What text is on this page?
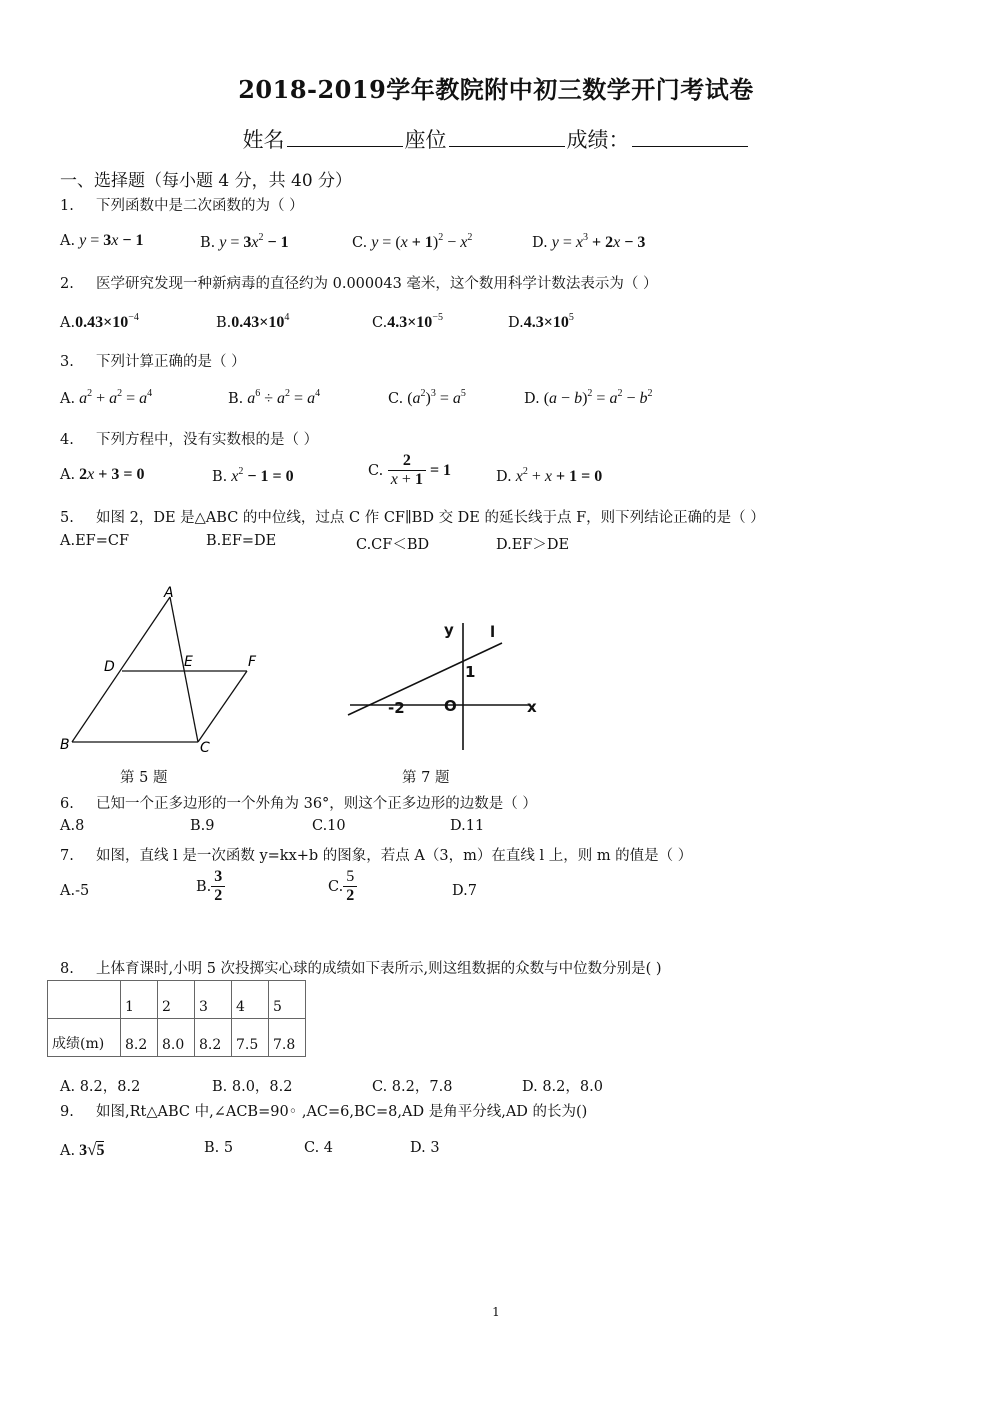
2018-2019学年教院附中初三数学开门考试卷
姓名	座位	成绩：
一、选择题（每小题 4 分，共 40 分）
1. 下列函数中是二次函数的为（ ）
A. y = 3x − 1	B. $y = 3x^2 - 1$	C. $y = (x + 1)^2 - x^2$	D. $y = x^3 + 2x - 3$
2. 医学研究发现一种新病毒的直径约为 0.000043 毫米，这个数用科学计数法表示为（ ）
$A.0.43\times 10^{-4}$	$B.0.43\times 10^4$	$C.4.3\times 10^{-5}$	$D.4.3\times 10^5$
3. 下列计算正确的是（ ）
A. $a^2 + a^2 = a^4$	B. $a^6 \div a^2 = a^4$	C. $(a^2)^3 = a^5$	D. $(a - b)^2 = a^2 - b^2$
4. 下列方程中，没有实数根的是（ ）
A. 2x + 3 = 0	B. $x^2 - 1 = 0$	C. $\frac{2}{x + 1} = 1$	D. $x^2 + x + 1 = 0$
5. 如图 2，DE 是△ABC 的中位线，过点 C 作 CF∥BD 交 DE 的延长线于点 F，则下列结论正确的是（ ）
A.EF=CF	B.EF=DE	C.CF＜BD	D.EF＞DE
A
B	C
D	E	F
第 5 题
y
x
l
O
1
-2
第 7 题
6. 已知一个正多边形的一个外角为 36°，则这个正多边形的边数是（ ）
A.8	B.9	C.10	D.11
7. 如图，直线 l 是一次函数 y=kx+b 的图象，若点 A（3，m）在直线 l 上，则 m 的值是（ ）
A.-5	B. $\frac{3}{2}$	C. $\frac{5}{2}$	D.7
8. 上体育课时,小明 5 次投掷实心球的成绩如下表所示,则这组数据的众数与中位数分别是( )
	1	2	3	4	5
成绩(m)	8.2	8.0	8.2	7.5	7.8
A. 8.2，8.2	B. 8.0，8.2	C. 8.2，7.8	D. 8.2，8.0
9. 如图,Rt△ABC 中,∠ACB=90◦ ,AC=6,BC=8,AD 是角平分线,AD 的长为()
A. 3√5	B. 5	C. 4	D. 3
1
